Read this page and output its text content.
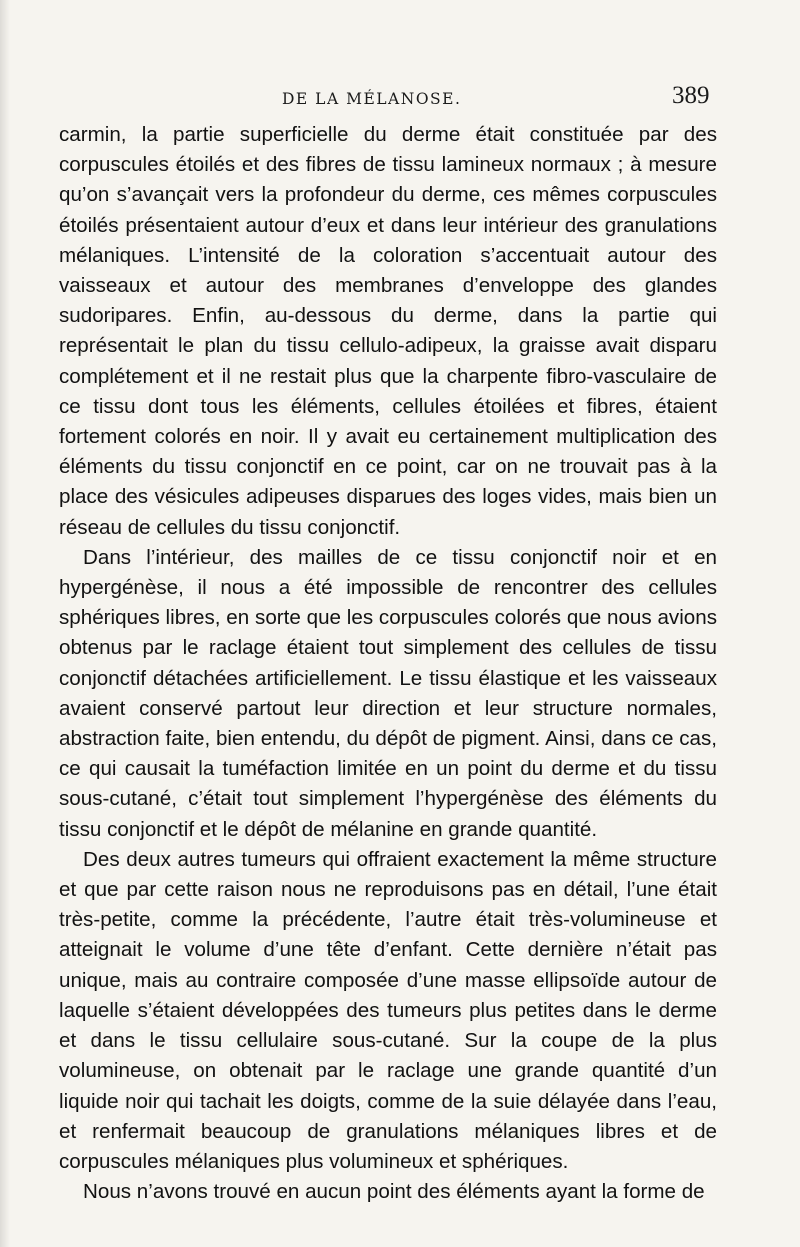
DE LA MÉLANOSE.	389

carmin, la partie superficielle du derme était constituée par des corpuscules étoilés et des fibres de tissu lamineux normaux ; à mesure qu’on s’avançait vers la profondeur du derme, ces mêmes corpuscules étoilés présentaient autour d’eux et dans leur intérieur des granulations mélaniques. L’intensité de la coloration s’accentuait autour des vaisseaux et autour des membranes d’enveloppe des glandes sudoripares. Enfin, au-dessous du derme, dans la partie qui représentait le plan du tissu cellulo-adipeux, la graisse avait disparu complétement et il ne restait plus que la charpente fibro-vasculaire de ce tissu dont tous les éléments, cellules étoilées et fibres, étaient fortement colorés en noir. Il y avait eu certainement multiplication des éléments du tissu conjonctif en ce point, car on ne trouvait pas à la place des vésicules adipeuses disparues des loges vides, mais bien un réseau de cellules du tissu conjonctif.

Dans l’intérieur, des mailles de ce tissu conjonctif noir et en hypergénèse, il nous a été impossible de rencontrer des cellules sphériques libres, en sorte que les corpuscules colorés que nous avions obtenus par le raclage étaient tout simplement des cellules de tissu conjonctif détachées artificiellement. Le tissu élastique et les vaisseaux avaient conservé partout leur direction et leur structure normales, abstraction faite, bien entendu, du dépôt de pigment. Ainsi, dans ce cas, ce qui causait la tuméfaction limitée en un point du derme et du tissu sous-cutané, c’était tout simplement l’hypergénèse des éléments du tissu conjonctif et le dépôt de mélanine en grande quantité.

Des deux autres tumeurs qui offraient exactement la même structure et que par cette raison nous ne reproduisons pas en détail, l’une était très-petite, comme la précédente, l’autre était très-volumineuse et atteignait le volume d’une tête d’enfant. Cette dernière n’était pas unique, mais au contraire composée d’une masse ellipsoïde autour de laquelle s’étaient développées des tumeurs plus petites dans le derme et dans le tissu cellulaire sous-cutané. Sur la coupe de la plus volumineuse, on obtenait par le raclage une grande quantité d’un liquide noir qui tachait les doigts, comme de la suie délayée dans l’eau, et renfermait beaucoup de granulations mélaniques libres et de corpuscules mélaniques plus volumineux et sphériques.

Nous n’avons trouvé en aucun point des éléments ayant la forme de
